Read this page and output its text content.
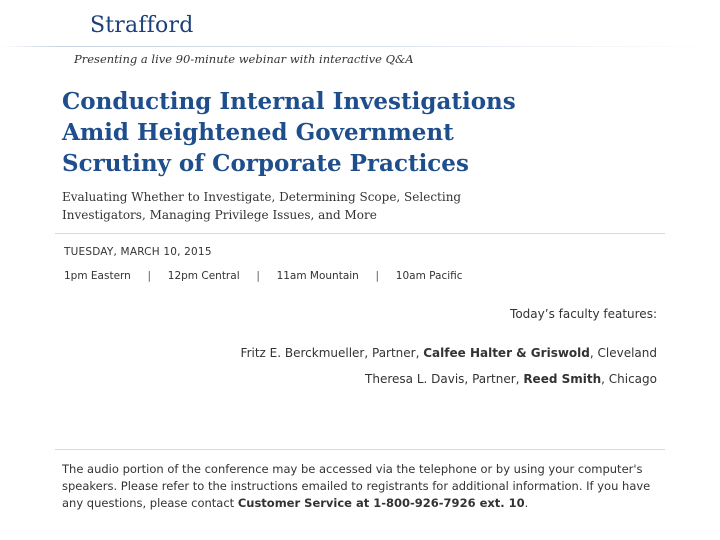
Strafford
Presenting a live 90-minute webinar with interactive Q&A
Conducting Internal Investigations
Amid Heightened Government
Scrutiny of Corporate Practices
Evaluating Whether to Investigate, Determining Scope, Selecting
Investigators, Managing Privilege Issues, and More
TUESDAY, MARCH 10, 2015
1pm Eastern | 12pm Central | 11am Mountain | 10am Pacific
Today’s faculty features:
Fritz E. Berckmueller, Partner, Calfee Halter & Griswold, Cleveland
Theresa L. Davis, Partner, Reed Smith, Chicago
The audio portion of the conference may be accessed via the telephone or by using your computer's speakers. Please refer to the instructions emailed to registrants for additional information. If you have any questions, please contact Customer Service at 1-800-926-7926 ext. 10.
